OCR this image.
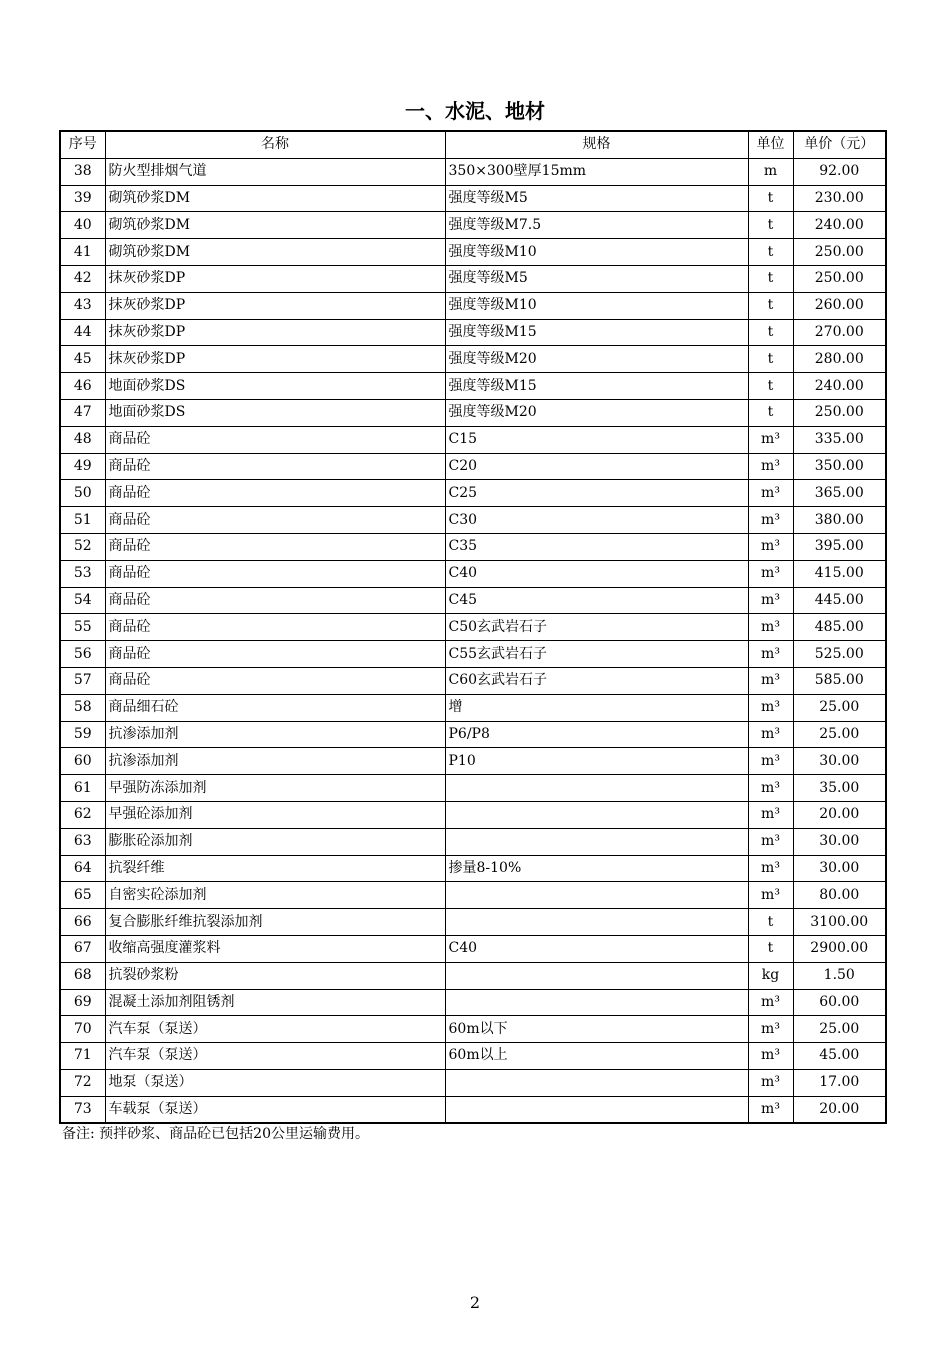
一、水泥、地材
序号	名称	规格	单位	单价（元）
38	防火型排烟气道	350×300壁厚15mm	m	92.00
39	砌筑砂浆DM	强度等级M5	t	230.00
40	砌筑砂浆DM	强度等级M7.5	t	240.00
41	砌筑砂浆DM	强度等级M10	t	250.00
42	抹灰砂浆DP	强度等级M5	t	250.00
43	抹灰砂浆DP	强度等级M10	t	260.00
44	抹灰砂浆DP	强度等级M15	t	270.00
45	抹灰砂浆DP	强度等级M20	t	280.00
46	地面砂浆DS	强度等级M15	t	240.00
47	地面砂浆DS	强度等级M20	t	250.00
48	商品砼	C15	m³	335.00
49	商品砼	C20	m³	350.00
50	商品砼	C25	m³	365.00
51	商品砼	C30	m³	380.00
52	商品砼	C35	m³	395.00
53	商品砼	C40	m³	415.00
54	商品砼	C45	m³	445.00
55	商品砼	C50玄武岩石子	m³	485.00
56	商品砼	C55玄武岩石子	m³	525.00
57	商品砼	C60玄武岩石子	m³	585.00
58	商品细石砼	增	m³	25.00
59	抗渗添加剂	P6/P8	m³	25.00
60	抗渗添加剂	P10	m³	30.00
61	早强防冻添加剂		m³	35.00
62	早强砼添加剂		m³	20.00
63	膨胀砼添加剂		m³	30.00
64	抗裂纤维	掺量8-10%	m³	30.00
65	自密实砼添加剂		m³	80.00
66	复合膨胀纤维抗裂添加剂		t	3100.00
67	收缩高强度灌浆料	C40	t	2900.00
68	抗裂砂浆粉		kg	1.50
69	混凝土添加剂阻锈剂		m³	60.00
70	汽车泵（泵送）	60m以下	m³	25.00
71	汽车泵（泵送）	60m以上	m³	45.00
72	地泵（泵送）		m³	17.00
73	车载泵（泵送）		m³	20.00
备注: 预拌砂浆、商品砼已包括20公里运输费用。
2
